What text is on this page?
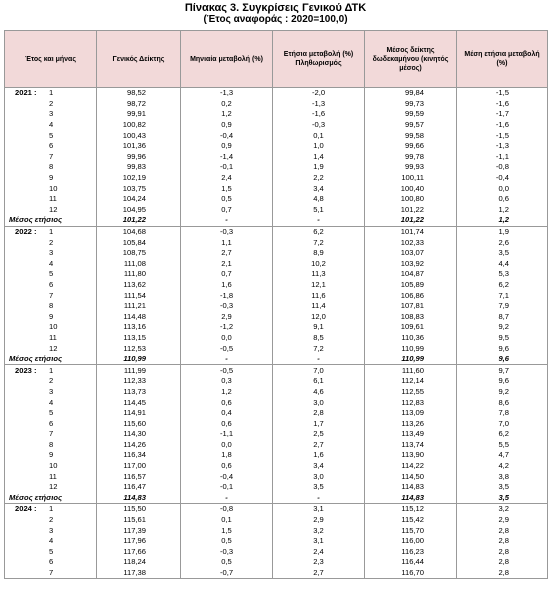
Πίνακας 3. Συγκρίσεις Γενικού ΔΤΚ
(Έτος αναφοράς : 2020=100,0)
Έτος και μήνας	Γενικός Δείκτης	Μηνιαία μεταβολή (%)	Ετήσια μεταβολή (%) Πληθωρισμός	Μέσος δείκτης δωδεκαμήνου (κινητός μέσος)	Μέση ετήσια μεταβολή (%)
2021 : 1	98,52	-1,3	-2,0	99,84	-1,5
2	98,72	0,2	-1,3	99,73	-1,6
3	99,91	1,2	-1,6	99,59	-1,7
4	100,82	0,9	-0,3	99,57	-1,6
5	100,43	-0,4	0,1	99,58	-1,5
6	101,36	0,9	1,0	99,66	-1,3
7	99,96	-1,4	1,4	99,78	-1,1
8	99,83	-0,1	1,9	99,93	-0,8
9	102,19	2,4	2,2	100,11	-0,4
10	103,75	1,5	3,4	100,40	0,0
11	104,24	0,5	4,8	100,80	0,6
12	104,95	0,7	5,1	101,22	1,2
Μέσος ετήσιος	101,22	-	-	101,22	1,2
2022 : 1	104,68	-0,3	6,2	101,74	1,9
2	105,84	1,1	7,2	102,33	2,6
3	108,75	2,7	8,9	103,07	3,5
4	111,08	2,1	10,2	103,92	4,4
5	111,80	0,7	11,3	104,87	5,3
6	113,62	1,6	12,1	105,89	6,2
7	111,54	-1,8	11,6	106,86	7,1
8	111,21	-0,3	11,4	107,81	7,9
9	114,48	2,9	12,0	108,83	8,7
10	113,16	-1,2	9,1	109,61	9,2
11	113,15	0,0	8,5	110,36	9,5
12	112,53	-0,5	7,2	110,99	9,6
Μέσος ετήσιος	110,99	-	-	110,99	9,6
2023 : 1	111,99	-0,5	7,0	111,60	9,7
2	112,33	0,3	6,1	112,14	9,6
3	113,73	1,2	4,6	112,55	9,2
4	114,45	0,6	3,0	112,83	8,6
5	114,91	0,4	2,8	113,09	7,8
6	115,60	0,6	1,7	113,26	7,0
7	114,30	-1,1	2,5	113,49	6,2
8	114,26	0,0	2,7	113,74	5,5
9	116,34	1,8	1,6	113,90	4,7
10	117,00	0,6	3,4	114,22	4,2
11	116,57	-0,4	3,0	114,50	3,8
12	116,47	-0,1	3,5	114,83	3,5
Μέσος ετήσιος	114,83	-	-	114,83	3,5
2024 : 1	115,50	-0,8	3,1	115,12	3,2
2	115,61	0,1	2,9	115,42	2,9
3	117,39	1,5	3,2	115,70	2,8
4	117,96	0,5	3,1	116,00	2,8
5	117,66	-0,3	2,4	116,23	2,8
6	118,24	0,5	2,3	116,44	2,8
7	117,38	-0,7	2,7	116,70	2,8
